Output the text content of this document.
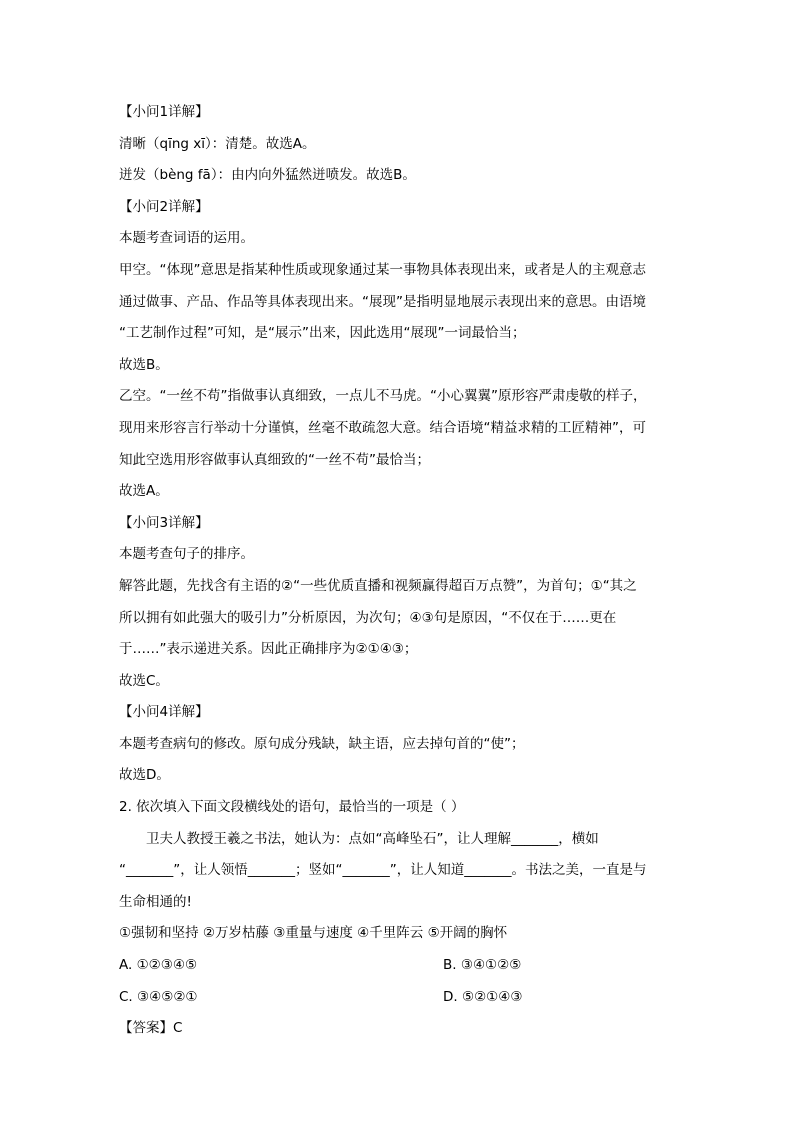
【小问1详解】
清晰（qīng xī）：清楚。故选A。
迸发（bèng fā）：由内向外猛然迸喷发。故选B。
【小问2详解】
本题考查词语的运用。
甲空。“体现”意思是指某种性质或现象通过某一事物具体表现出来，或者是人的主观意志
通过做事、产品、作品等具体表现出来。“展现”是指明显地展示表现出来的意思。由语境
“工艺制作过程”可知，是“展示”出来，因此选用“展现”一词最恰当；
故选B。
乙空。“一丝不苟”指做事认真细致，一点儿不马虎。“小心翼翼”原形容严肃虔敬的样子，
现用来形容言行举动十分谨慎，丝毫不敢疏忽大意。结合语境“精益求精的工匠精神”，可
知此空选用形容做事认真细致的“一丝不苟”最恰当；
故选A。
【小问3详解】
本题考查句子的排序。
解答此题，先找含有主语的②“一些优质直播和视频赢得超百万点赞”，为首句；①“其之
所以拥有如此强大的吸引力”分析原因，为次句；④③句是原因，“不仅在于……更在
于……”表示递进关系。因此正确排序为②①④③；
故选C。
【小问4详解】
本题考查病句的修改。原句成分残缺，缺主语，应去掉句首的“使”；
故选D。
2. 依次填入下面文段横线处的语句，最恰当的一项是（ ）
卫夫人教授王羲之书法，她认为：点如“高峰坠石”，让人理解_______，横如
“_______”，让人领悟_______；竖如“_______”，让人知道_______。书法之美，一直是与
生命相通的!
①强韧和坚持 ②万岁枯藤 ③重量与速度 ④千里阵云 ⑤开阔的胸怀
A. ①②③④⑤	B. ③④①②⑤
C. ③④⑤②①	D. ⑤②①④③
【答案】C
